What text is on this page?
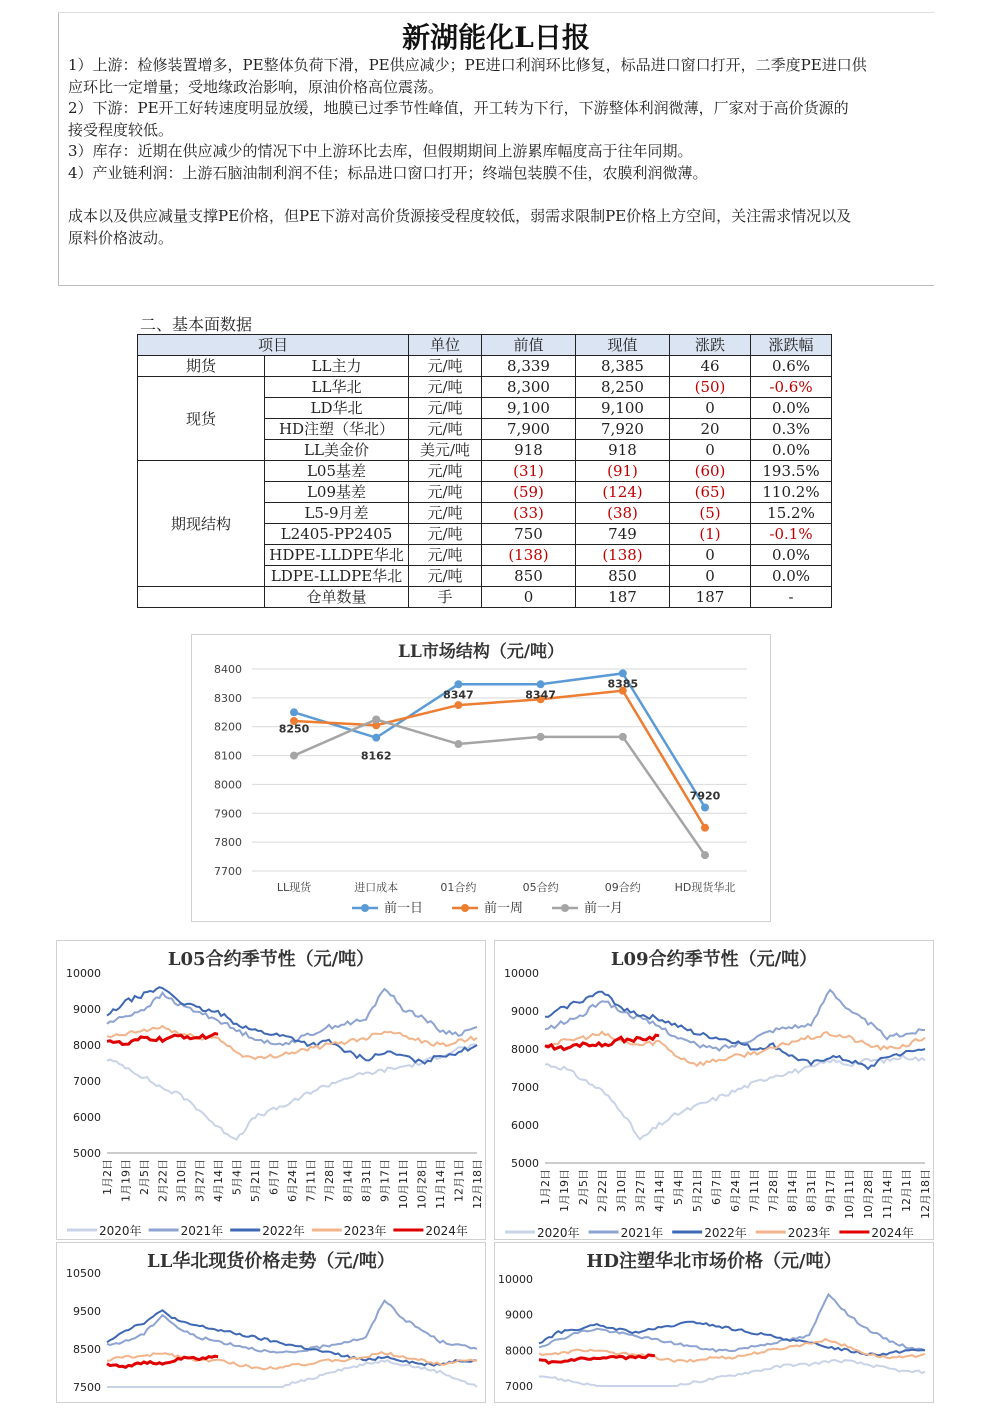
新湖能化L日报

1）上游：检修装置增多，PE整体负荷下滑，PE供应减少；PE进口利润环比修复，标品进口窗口打开，二季度PE进口供

应环比一定增量；受地缘政治影响，原油价格高位震荡。

2）下游：PE开工好转速度明显放缓，地膜已过季节性峰值，开工转为下行，下游整体利润微薄，厂家对于高价货源的

接受程度较低。

3）库存：近期在供应减少的情况下中上游环比去库，但假期期间上游累库幅度高于往年同期。

4）产业链利润：上游石脑油制利润不佳；标品进口窗口打开；终端包装膜不佳，农膜利润微薄。

成本以及供应减量支撑PE价格，但PE下游对高价货源接受程度较低，弱需求限制PE价格上方空间，关注需求情况以及

原料价格波动。

二、基本面数据
项目		单位	前值	现值	涨跌	涨跌幅
期货	LL主力	元/吨	8,339	8,385	46	0.6%
现货	LL华北	元/吨	8,300	8,250	(50)	-0.6%
	LD华北	元/吨	9,100	9,100	0	0.0%
	HD注塑（华北）	元/吨	7,900	7,920	20	0.3%
	LL美金价	美元/吨	918	918	0	0.0%
期现结构	L05基差	元/吨	(31)	(91)	(60)	193.5%
	L09基差	元/吨	(59)	(124)	(65)	110.2%
	L5-9月差	元/吨	(33)	(38)	(5)	15.2%
	L2405-PP2405	元/吨	750	749	(1)	-0.1%
	HDPE-LLDPE华北	元/吨	(138)	(138)	0	0.0%
	LDPE-LLDPE华北	元/吨	850	850	0	0.0%
	仓单数量	手	0	187	187	-
LL市场结构（元/吨）
7700
7800
7900
8000
8100
8200
8300
8400
LL现货	进口成本	01合约	05合约	09合约	HD现货华北
8250
8162
8347	8347
8385
7920
前一日	前一周	前一月
L05合约季节性（元/吨）
5000
6000
7000
8000
9000
10000
1月2日 1月19日 2月5日 2月22日 3月10日 3月27日 4月14日 5月4日 5月21日 6月7日 6月24日 7月11日 7月28日 8月14日 8月31日 9月17日 10月11日 10月28日 11月14日 12月1日 12月18日
2020年	2021年	2022年	2023年	2024年
L09合约季节性（元/吨）
5000
6000
7000
8000
9000
10000
1月2日 1月19日 2月5日 2月22日 3月10日 3月27日 4月14日 5月4日 5月21日 6月7日 6月24日 7月11日 7月28日 8月14日 8月31日 9月17日 10月11日 10月28日 11月14日 12月1日 12月18日
2020年	2021年	2022年	2023年	2024年
LL华北现货价格走势（元/吨）
7500
8500
9500
10500
HD注塑华北市场价格（元/吨）
7000
8000
9000
10000
